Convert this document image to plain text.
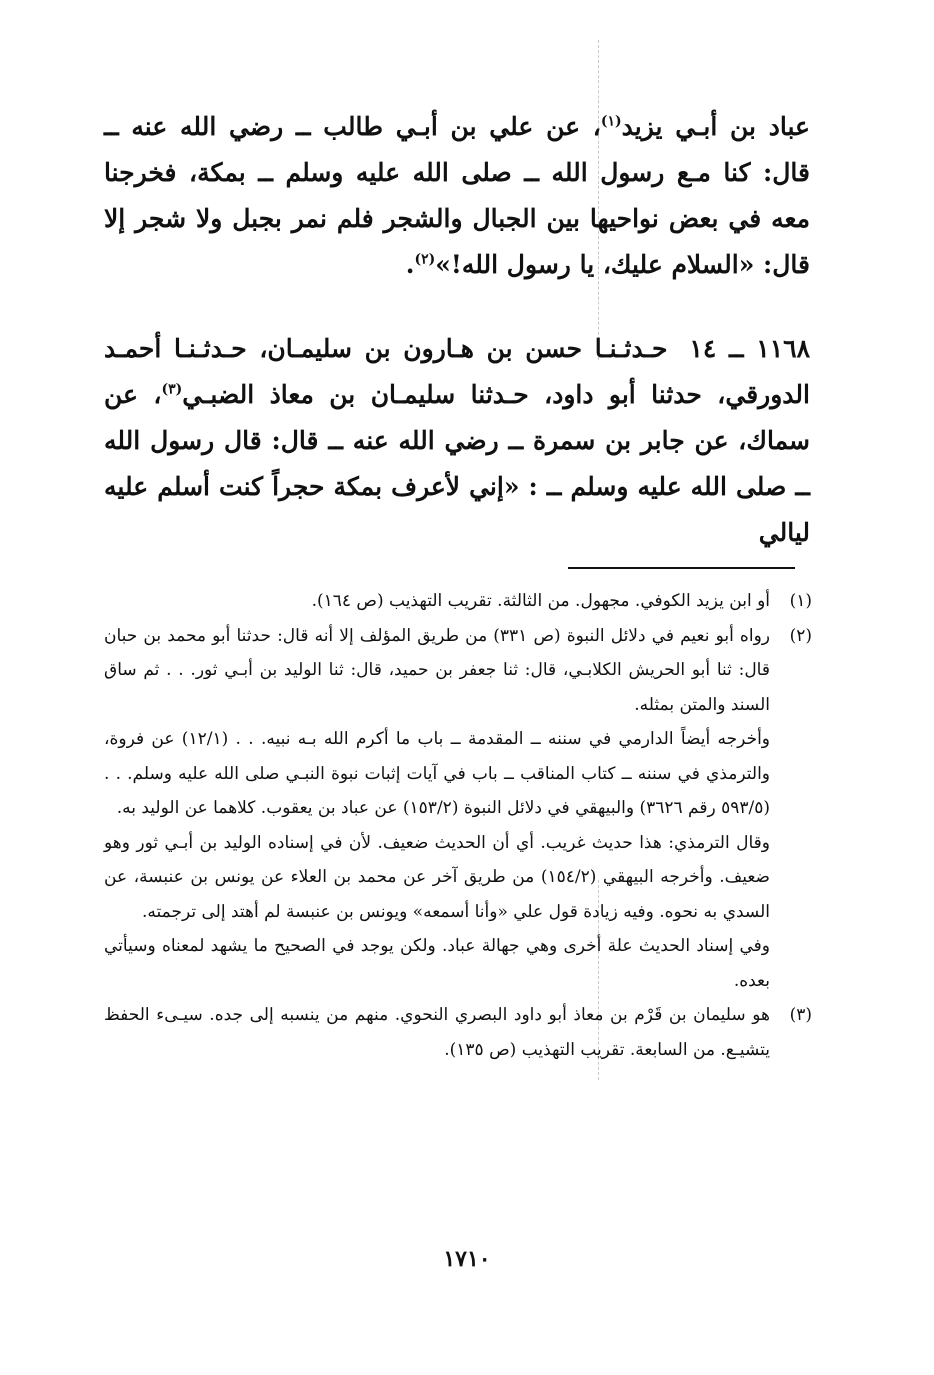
عباد بن أبـي يزيد$^{(١)}$، عن علي بن أبـي طالب ــ رضي الله عنه ــ قال: كنا مـع رسول الله ــ صلى الله عليه وسلم ــ بمكة، فخرجنا معه في بعض نواحيها بين الجبال والشجر فلم نمر بجبل ولا شجر إلا قال: «السلام عليك، يا رسول الله!»$^{(٢)}$.
١١٦٨ ــ ١٤حـدثـنـا حسن بن هـارون بن سليمـان، حـدثـنـا أحمـد الدورقي، حدثنا أبو داود، حـدثنا سليمـان بن معاذ الضبـي$^{(٣)}$، عن سماك، عن جابر بن سمرة ــ رضي الله عنه ــ قال: قال رسول الله ــ صلى الله عليه وسلم ــ : «إني لأعرف بمكة حجراً كنت أسلم عليه ليالي
(١)
أو ابن يزيد الكوفي. مجهول. من الثالثة. تقريب التهذيب (ص ١٦٤).
(٢)
رواه أبو نعيم في دلائل النبوة (ص ٣٣١) من طريق المؤلف إلا أنه قال: حدثنا أبو محمد بن حبان قال: ثنا أبو الحريش الكلابـي، قال: ثنا جعفر بن حميد، قال: ثنا الوليد بن أبـي ثور. . . ثم ساق السند والمتن بمثله.
وأخرجه أيضاً الدارمي في سننه ــ المقدمة ــ باب ما أكرم الله بـه نبيه. . . (١٢/١) عن فروة، والترمذي في سننه ــ كتاب المناقب ــ باب في آيات إثبات نبوة النبـي صلى الله عليه وسلم. . . (٥٩٣/٥ رقم ٣٦٢٦) والبيهقي في دلائل النبوة (١٥٣/٢) عن عباد بن يعقوب. كلاهما عن الوليد به.
وقال الترمذي: هذا حديث غريب. أي أن الحديث ضعيف. لأن في إسناده الوليد بن أبـي ثور وهو ضعيف. وأخرجه البيهقي (١٥٤/٢) من طريق آخر عن محمد بن العلاء عن يونس بن عنبسة، عن السدي به نحوه. وفيه زيادة قول علي «وأنا أسمعه» ويونس بن عنبسة لم أهتد إلى ترجمته.
وفي إسناد الحديث علة أخرى وهي جهالة عباد. ولكن يوجد في الصحيح ما يشهد لمعناه وسيأتي بعده.
(٣)
هو سليمان بن قَرْم بن معاذ أبو داود البصري النحوي. منهم من ينسبه إلى جده. سيـىء الحفظ يتشيـع. من السابعة. تقريب التهذيب (ص ١٣٥).
١٧١٠
